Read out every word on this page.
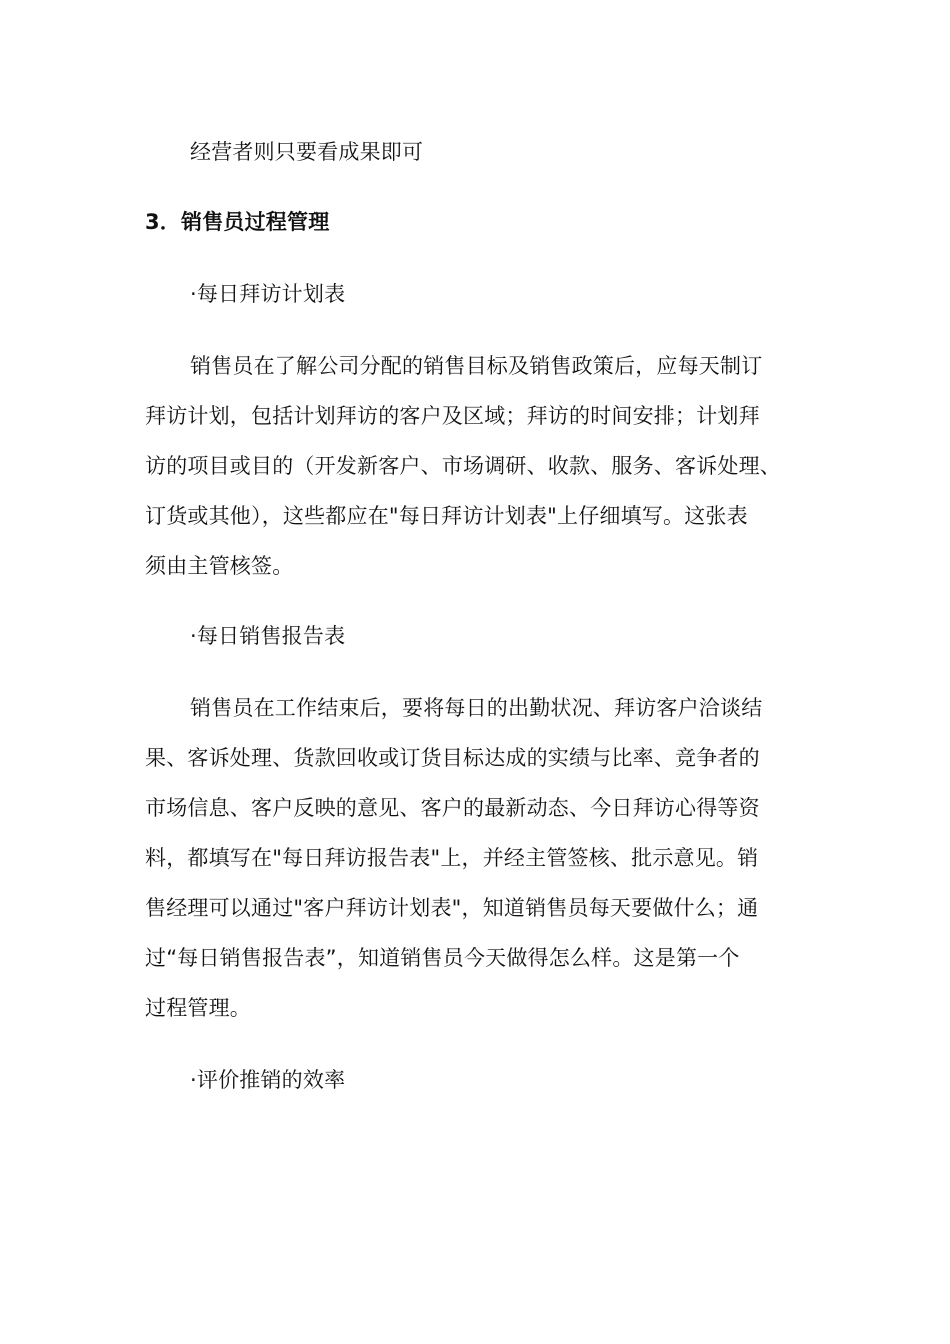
经营者则只要看成果即可
3．销售员过程管理
·每日拜访计划表
销售员在了解公司分配的销售目标及销售政策后，应每天制订
拜访计划，包括计划拜访的客户及区域；拜访的时间安排；计划拜
访的项目或目的（开发新客户、市场调研、收款、服务、客诉处理、
订货或其他），这些都应在"每日拜访计划表"上仔细填写。这张表
须由主管核签。
·每日销售报告表
销售员在工作结束后，要将每日的出勤状况、拜访客户洽谈结
果、客诉处理、货款回收或订货目标达成的实绩与比率、竞争者的
市场信息、客户反映的意见、客户的最新动态、今日拜访心得等资
料，都填写在"每日拜访报告表"上，并经主管签核、批示意见。销
售经理可以通过"客户拜访计划表"，知道销售员每天要做什么；通
过“每日销售报告表”，知道销售员今天做得怎么样。这是第一个
过程管理。
·评价推销的效率
